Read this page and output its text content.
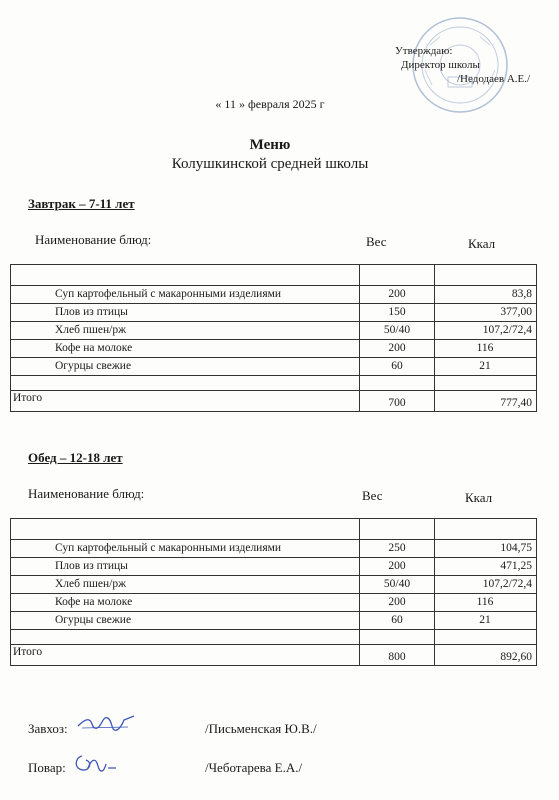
Утверждаю:
Директор школы
/Недодаев А.Е./
« 11 » февраля 2025 г
Меню
Колушкинской средней школы
Завтрак – 7-11 лет
Наименование блюд:	Вес	Ккал

Суп картофельный с макаронными изделиями	200	83,8
Плов из птицы	150	377,00
Хлеб пшен/рж	50/40	107,2/72,4
Кофе на молоке	200	116
Огурцы свежие	60	21

Итого	700	777,40
Обед – 12-18 лет
Наименование блюд:	Вес	Ккал

Суп картофельный с макаронными изделиями	250	104,75
Плов из птицы	200	471,25
Хлеб пшен/рж	50/40	107,2/72,4
Кофе на молоке	200	116
Огурцы свежие	60	21

Итого	800	892,60
Завхоз:	/Письменская Ю.В./
Повар:	/Чеботарева Е.А./
